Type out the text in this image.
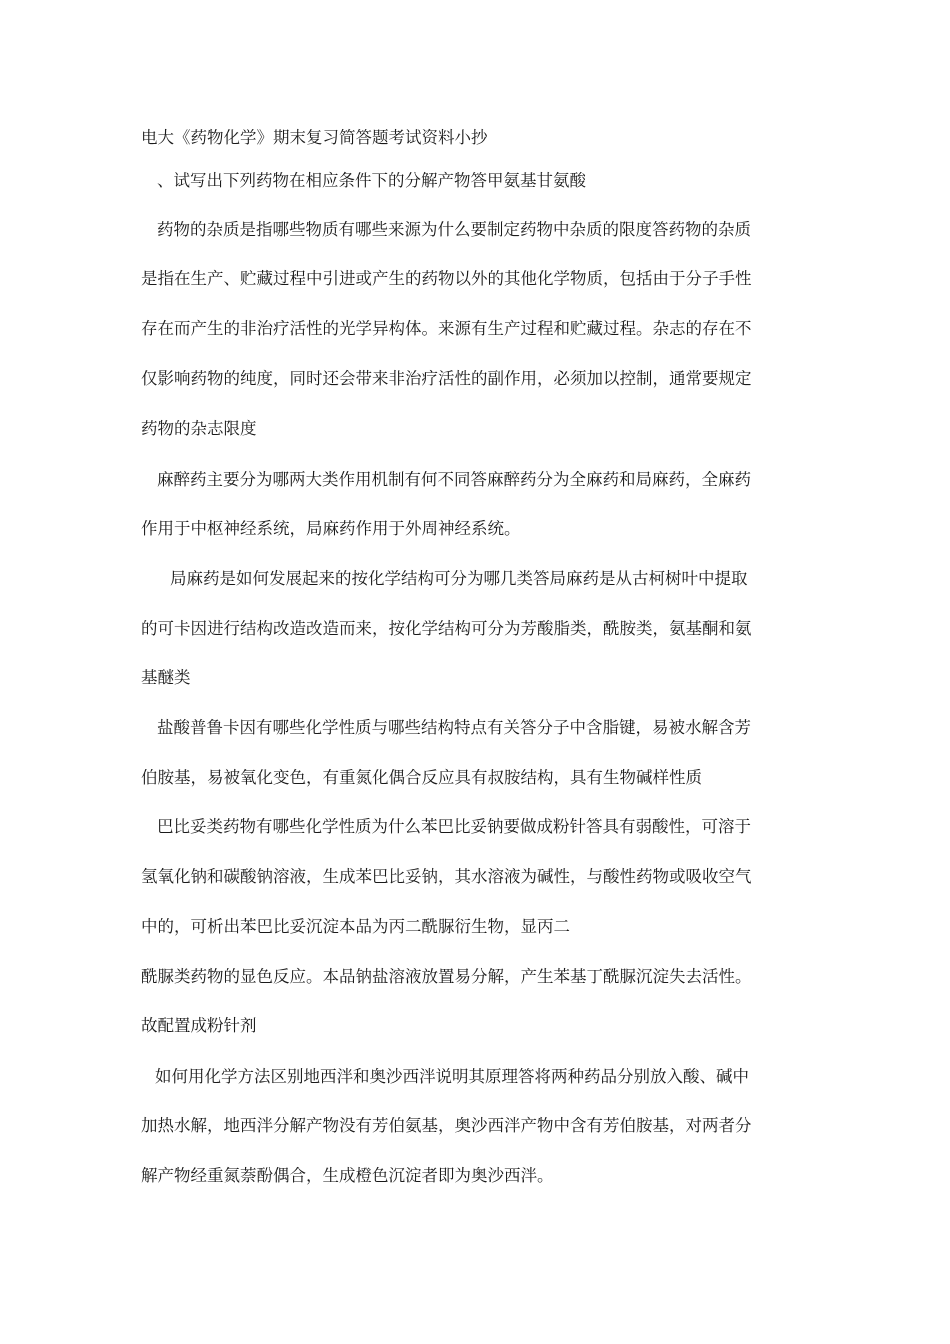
电大《药物化学》期末复习简答题考试资料小抄
、试写出下列药物在相应条件下的分解产物答甲氨基甘氨酸
药物的杂质是指哪些物质有哪些来源为什么要制定药物中杂质的限度答药物的杂质
是指在生产、贮藏过程中引进或产生的药物以外的其他化学物质，包括由于分子手性
存在而产生的非治疗活性的光学异构体。来源有生产过程和贮藏过程。杂志的存在不
仅影响药物的纯度，同时还会带来非治疗活性的副作用，必须加以控制，通常要规定
药物的杂志限度
麻醉药主要分为哪两大类作用机制有何不同答麻醉药分为全麻药和局麻药，全麻药
作用于中枢神经系统，局麻药作用于外周神经系统。
局麻药是如何发展起来的按化学结构可分为哪几类答局麻药是从古柯树叶中提取
的可卡因进行结构改造改造而来，按化学结构可分为芳酸脂类，酰胺类，氨基酮和氨
基醚类
盐酸普鲁卡因有哪些化学性质与哪些结构特点有关答分子中含脂键，易被水解含芳
伯胺基，易被氧化变色，有重氮化偶合反应具有叔胺结构，具有生物碱样性质
巴比妥类药物有哪些化学性质为什么苯巴比妥钠要做成粉针答具有弱酸性，可溶于
氢氧化钠和碳酸钠溶液，生成苯巴比妥钠，其水溶液为碱性，与酸性药物或吸收空气
中的，可析出苯巴比妥沉淀本品为丙二酰脲衍生物，显丙二
酰脲类药物的显色反应。本品钠盐溶液放置易分解，产生苯基丁酰脲沉淀失去活性。
故配置成粉针剂
如何用化学方法区别地西泮和奥沙西泮说明其原理答将两种药品分别放入酸、碱中
加热水解，地西泮分解产物没有芳伯氨基，奥沙西泮产物中含有芳伯胺基，对两者分
解产物经重氮萘酚偶合，生成橙色沉淀者即为奥沙西泮。
